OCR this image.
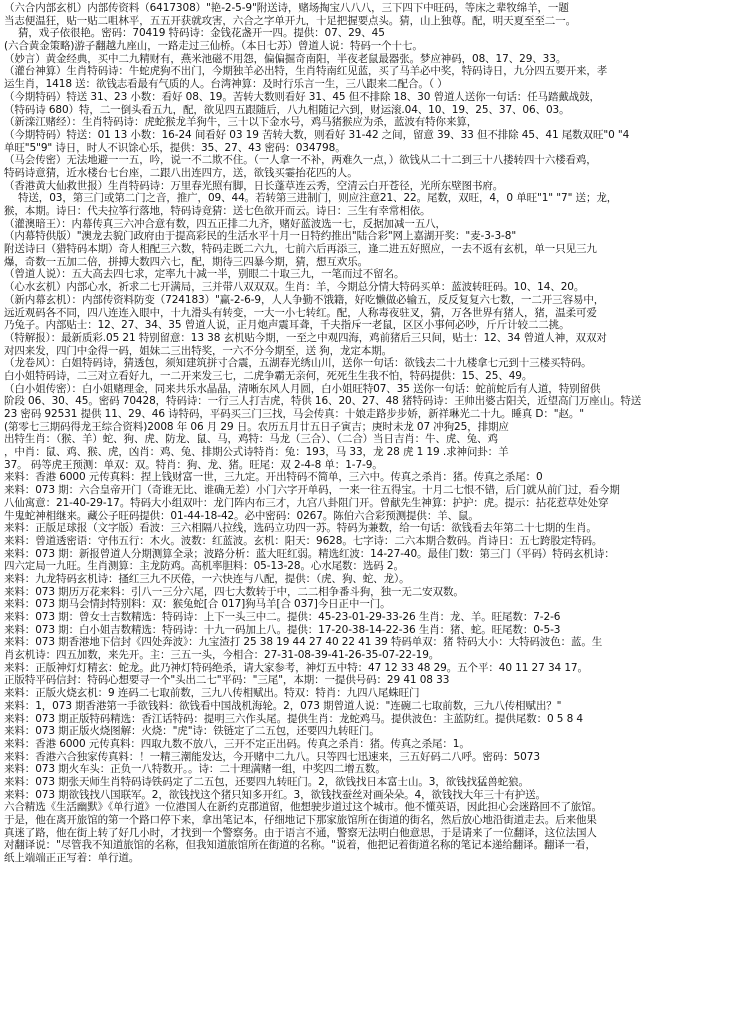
（六合内部玄机）内部传资料（6417308）"艳-2-5-9"附送诗，赌场掏宝八八八，三下四下中旺码，等床之辈牧绵羊，一题
当志便温狂，贴一贴二咀林平，五五开获就攻害，六合之字单开九，十足把握要点头。猜，山上独尊。配，明天夏至至二一。
猜，戏子依很艳。密码：70419 特码诗：金钱花盏开一四。提供：07、29、45
(六合黄金策略)游子翻越九座山，一路走过三仙桥。（本日七苏）曾道人说：特码一个十七。
（妙言）黄金经典，买中二九精财有，燕米池磁不用怨，偏偏掘奇南阳，半夜老鼠最器张。梦应神码，08、17、29、33。
（灌台神算）生肖特码诗：牛蛇虎狗不出门，今期独羊必出特，生肖特南红见蓝，买了马羊必中奖，特码诗日，九分四五要开来，孝
运生肖，1418 送：欲钱志看最有气质的人。台湾神算：及时行乐言一生，三八跟来二配合。（ ）
（今期特码）特送 31、23 小数：看好 08、19。苦转大数则看好 31、45 但不排除 18、30 曾道人送你一句话：任马踏戴战鼓，
（特码诗 680）特，二一倒头看五九，配，欲见四五跟随后，八九相随记六到，财运滚.04、10、19、25、37、06、03。
（新滦江赌经）：生肖特码诗：虎蛇猴龙羊狗牛，三十以下金水号，鸡马猪猴应为杀，蓝波有特你来算，
（今期特码）特送：01 13 小数：16-24 间看好 03 19 苦转大数，则看好 31-42 之间，留意 39、33 但不排除 45、41 尾数双旺"0 "4
单旺"5"9" 诗日，时人不识馀心乐，提供：35、27、43 密码：034798。
（马会传密）无法地避一一五，吟，说一不二欺不住。（一人拿一不补，两难久一点，）欲钱从二十二到三十八搂转四十六楼看鸡，
特码诗意猜，近水楼台七台座，二跟八出连四方，送，欲钱买霎抬花匹的人。
（香港黄大仙救世报）生肖特码诗：万里春光照有脚，日长蓬草连云秀，空清云白开苍径，光所东壁图书府。
特送，03，第三门或第二门之音，推广，09、44。若转第三进制门，则应注意21、22。尾数，双旺，4，0 单旺"1" "7" 送；龙，
猴，本期。诗日：代夫拉筝行落地，特码诗竟猜：送七色欲开而云。诗日：三生有幸常相依。
（灌澳暗王）：内幕传真三六冲合意有数，四五正排二九齐，赌好蓝波选一七，反据加减一五八，
（内幕特供版）"澳龙去貌门政府由于提高彩民的生活水平十月一日特约推出"陆合彩"网上嘉湖开奖："麦-3-3-8"
附送诗曰（猎特码本期）奇人相配三六数，特码走既二六九，七前六后再添三，逢二进五好照应，一去不返有玄机，单一只见三九
爆，奇数一五加二倍，拼搏大数四六七，配，期待三四暴今期，猜，想互欢乐。
（曾道人说）：五大高去四七求，定率九十减一半，别眼二十取三九，一笔而过不留名。
（心水玄机）内部心水，祈求二七开满局，三并带八双双双。生肖：羊，今期总分情大特码买单：蓝波转旺码。10、14、20。
（新内幕玄机）：内部传资料防变（724183）"赢-2-6-9，人人争勤不饿籍，好吃懒做必输五，反反复复六七数，一二开三容易中，
远近观码各不同，四八连连入眼中，十九滑头有转变，一大一小七转红。配，人称毒夜驻叉，猜，万各世界有猪人，猪，温柔可爱
乃兔子。内部贴士：12、27、34、35 曾道人说，正月炮声震耳聋，千夫指斥一老鼠，区区小事何必吵，斤斤计较二二挑。
（特解报）：最新质彩.05 21 特别留意：13 38 玄机贴今期，一至之中观四海，鸡前猪后三只间，贴士：12、34 曾道人神，双双对
对四来发，四门中金得一码，姐妹二三出特奖，一六不分今期至，送 狗，龙定本期。
（龙卷风）：白姐特码诗，猜透包，须知建筑拼寸合震，五湖春光绣山川，送你一句话：欲钱去二十九楼拿七元到十三楼买特码。
白小姐特码诗，二三对立看好九，一二开来发三七，二虎争霸无亲何，死死生生我不怕，特码提供：15、25、49。
（白小姐传密）：白小姐赌理金，同来共乐水晶晶，清晰东风人月圆，白小姐旺特07、35 送你一句话：蛇前蛇后有人道，特别留供
阶段 06、30、45。密码 70428，特码诗：一行三人打吉虎，特供 16、20、27、48 猪特码诗：王帅出婆古阳关，近望高门万座山。特送
23 密码 92531 提供 11、29、46 诗特码，平码买三门三找，马会传真：十娘走路步步娇，新祥琳光二十九。睡真 D："赵。"
(第零七三期码得龙王综合资料)2008 年 06 月 29 日。农历五月廿五日子寅吉；庚时未龙 07 冲狗25，排期应
出特生肖：（猴、羊）蛇、狗、虎、防龙、鼠、马，鸡特：马龙（三合）、（二合）当日吉肖：牛、虎、兔、鸡
，中肖：鼠、鸡、猴、虎，凶肖：鸡、兔、排期公式诗特肖：兔：193，马 33，龙 28 虎 1 19 .求神问卦：羊
37。 码等虎王预测：单双：双。特肖：狗、龙、猪。旺尾：双 2-4-8 单：1-7-9。
来料：香港 6000 元传真料：捏上钱财富一世，三九定。开出特码不简单，三六中。传真之杀肖：猪。传真之杀尾：0
来料：073 期：六合皇帝开门（奇谁无比、谁确无差）小门六字开单码，一来一往五得宝。十月二七恨不错，后门就从前门过，看今期
八仙寓意：21-40-29-17。特码大小组双叶：龙门阵内布三才，九宫八卦阻门开。曾献先生神算：护护：虎。提示：拈花惹草处处穿
牛鬼蛇神相继来。藏公子旺码提供：01-44-18-42。必中密码：0267。陈伯六合彩预测提供：羊、鼠。
来料：正版足球报（文字版）看波：三六相隔八拉线，选码立功四一苏。特码为兼数，给一句话：欲钱看去年第二十七期的生肖。
来料：曾道透密语：守伟五行：木火。波数：红蓝波。玄机：阳天：9628。七字诗：二六本期合数码。肖诗日：五七跨股定特码。
来料：073 期：新报曾道人分期测算全录；波路分析：蓝大旺红弱。精选红波：14-27-40。最佳门数：第三门（平码）特码玄机诗：
四六定局一九旺。生肖测算：主龙防鸡。高机率胆料：05-13-28。心水尾数：选码 2。
来料：九龙特码玄机诗：搔红三九不厌倦，一六快连与八配，提供：（虎、狗、蛇、龙）。
来料：073 期历万花来料：引八一三分六尾，四七大数转于中，二二相争番斗狗，独一无二安双数。
来料：073 期马会情封特别料：双：猴兔蛇[合 017]狗马羊[合 037]今日正中一门。
来料：073 期：曾女士吉数精选：特码诗：上下一头三中二。提供：45-23-01-29-33-26 生肖：龙、羊。旺尾数：7-2-6
来料：073 期：白小姐吉数精选：特码诗：十九一码加上八。提供：17-20-38-14-22-36 生肖：猪、蛇。旺尾数：0-5-3
来料：073 期香港地下信封《四处奔波》：九宝渣打 25 38 19 44 27 40 22 41 39 特码单双：猪 特码大小：大特码波色：蓝。生
肖玄机诗：四五加数，来先开。主：三五一头，今相合：27-31-08-39-41-26-35-07-22-19。
来料：正版神灯灯精玄：蛇龙。此乃神灯特码绝杀，请大家参考，神灯五中特：47 12 33 48 29。五个平：40 11 27 34 17。
正版特平码信封：特码心想要寻一个"头出二七"平码："三尾"，本期：一提供号码：29 41 08 33
来料：正版火烧玄机：9 连码二七取前数，三九八传相赋出。特双：特肖：九四八尾蛛旺门
来料：1，073 期香港第一手欲钱料：欲钱看中国战机海轮。2，073 期曾道人说："连碗二七取前数，三九八传相赋出？"
来料：073 期正版特码精选：香江话特码：提明三六作头尾。提供生肖：龙蛇鸡马。提供波色：主蓝防红。提供尾数：0 5 8 4
来料：073 期正版火烧图解：火烧："虎"诗：铁链定了二五包，还要四九转旺门。
来料：香港 6000 元传真料：四取九数不放八，三开不定正出码。传真之杀肖：猪。传真之杀尾：1。
来料：香港六合独家传真料：！一精三潮能发达，今开赌中二九八。只等四七迅速来，三五好码二八呼。密码：5073
来料：073 期火车头：正负一八特数开。。诗：二十理满赌一组，中奖四二增五数。
来料：073 期张天师生肖特码诗铁码定了二五包，还要四九转旺门。2，欲钱找日本富士山。3，欲钱找猛兽蛇狼。
来料：073 期欲钱找八国联军。2，欲钱找这个猪只知多开红。3，欲钱找蚕丝对画朵朵。4，欲钱找大年三十有护送。
六合精选《生活幽默》《单行道》一位港国人在新约克郡道留，他想驶步道过这个城市。他不懂英语，因此担心会迷路回不了旅馆。
于是，他在离开旅馆的第一个路口停下来，拿出笔记本，仔细地记下那家旅馆所在街道的街名，然后放心地沿街道走去。后来他果
真迷了路，他在街上转了好几小时，才找到一个警察务。由于语言不通，警察无法明白他意思，于是请来了一位翻译，这位法国人
对翻译说："尽管我不知道旅馆的名称，但我知道旅馆所在街道的名称。"说着，他把记着街道名称的笔记本递给翻译。翻译一看，
纸上端端正正写着：单行道。
